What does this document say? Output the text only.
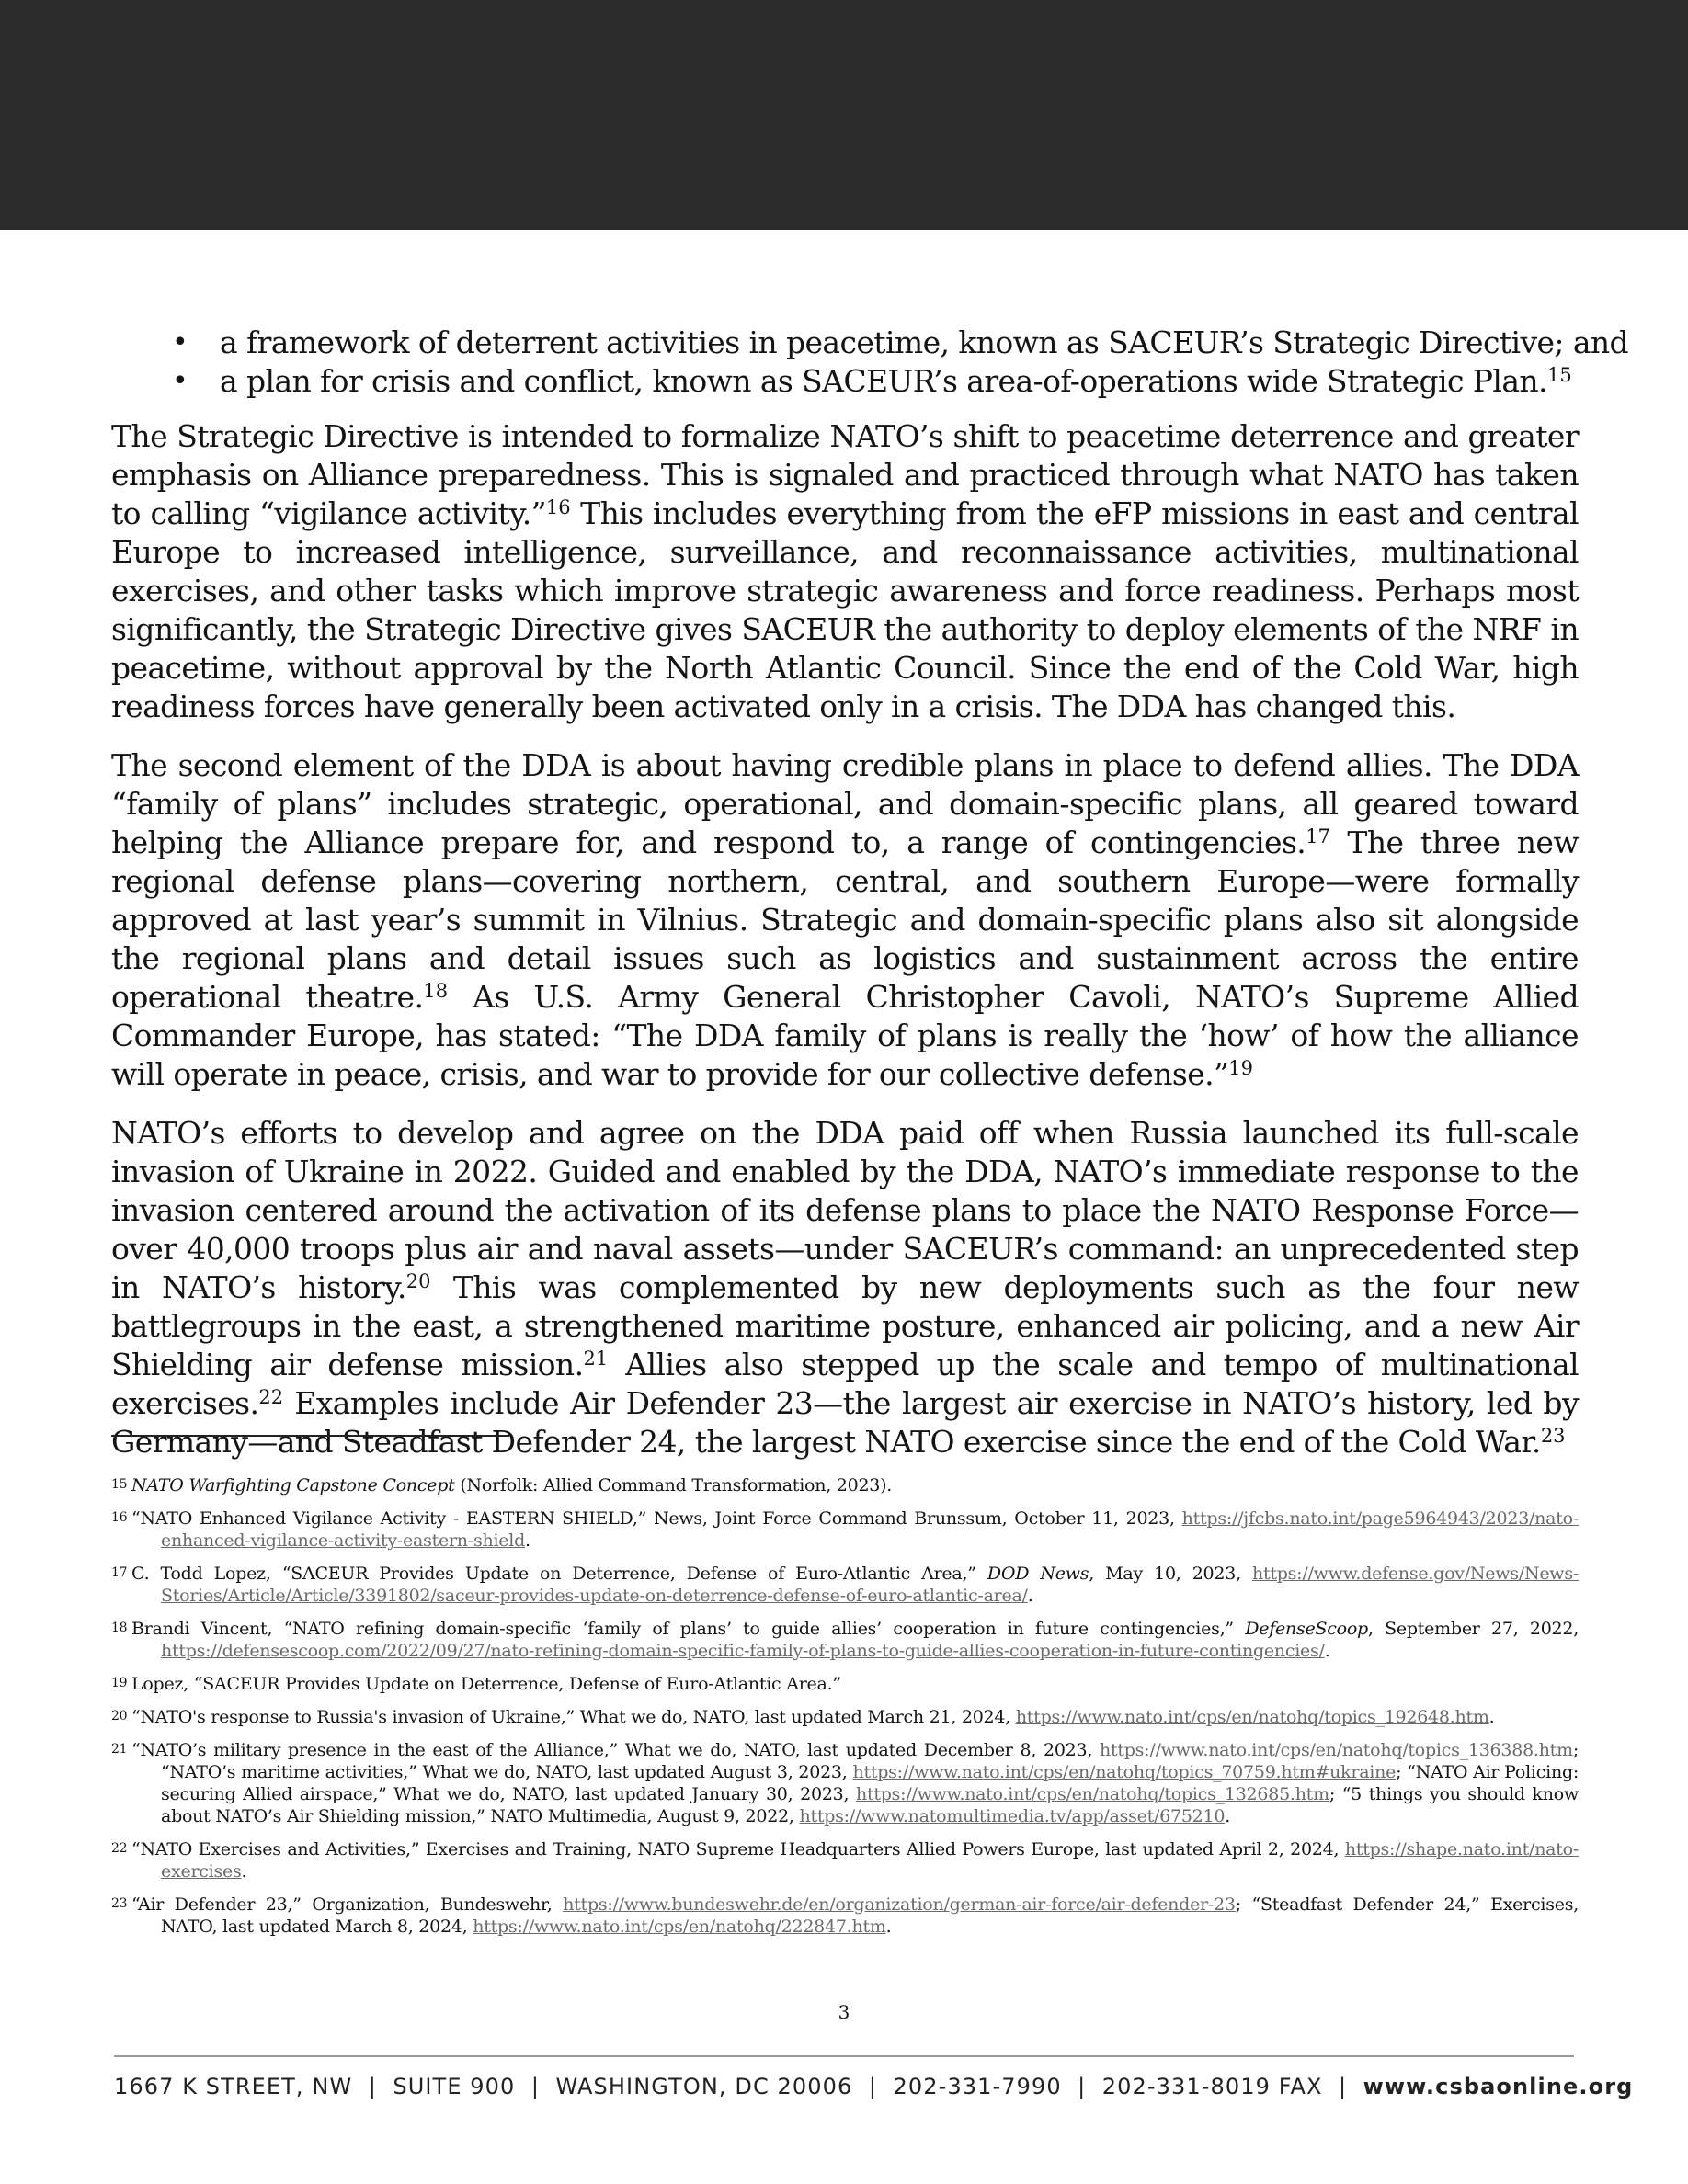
• a framework of deterrent activities in peacetime, known as SACEUR’s Strategic Directive; and
• a plan for crisis and conflict, known as SACEUR’s area-of-operations wide Strategic Plan.$^{15}$

The Strategic Directive is intended to formalize NATO’s shift to peacetime deterrence and greater emphasis on Alliance preparedness. This is signaled and practiced through what NATO has taken to calling “vigilance activity.”$^{16}$ This includes everything from the eFP missions in east and central Europe to increased intelligence, surveillance, and reconnaissance activities, multinational exercises, and other tasks which improve strategic awareness and force readiness. Perhaps most significantly, the Strategic Directive gives SACEUR the authority to deploy elements of the NRF in peacetime, without approval by the North Atlantic Council. Since the end of the Cold War, high readiness forces have generally been activated only in a crisis. The DDA has changed this.

The second element of the DDA is about having credible plans in place to defend allies. The DDA “family of plans” includes strategic, operational, and domain-specific plans, all geared toward helping the Alliance prepare for, and respond to, a range of contingencies.$^{17}$ The three new regional defense plans—covering northern, central, and southern Europe—were formally approved at last year’s summit in Vilnius. Strategic and domain-specific plans also sit alongside the regional plans and detail issues such as logistics and sustainment across the entire operational theatre.$^{18}$ As U.S. Army General Christopher Cavoli, NATO’s Supreme Allied Commander Europe, has stated: “The DDA family of plans is really the ‘how’ of how the alliance will operate in peace, crisis, and war to provide for our collective defense.”$^{19}$

NATO’s efforts to develop and agree on the DDA paid off when Russia launched its full-scale invasion of Ukraine in 2022. Guided and enabled by the DDA, NATO’s immediate response to the invasion centered around the activation of its defense plans to place the NATO Response Force—over 40,000 troops plus air and naval assets—under SACEUR’s command: an unprecedented step in NATO’s history.$^{20}$ This was complemented by new deployments such as the four new battlegroups in the east, a strengthened maritime posture, enhanced air policing, and a new Air Shielding air defense mission.$^{21}$ Allies also stepped up the scale and tempo of multinational exercises.$^{22}$ Examples include Air Defender 23—the largest air exercise in NATO’s history, led by Germany—and Steadfast Defender 24, the largest NATO exercise since the end of the Cold War.$^{23}$

15 NATO Warfighting Capstone Concept (Norfolk: Allied Command Transformation, 2023).

16 “NATO Enhanced Vigilance Activity - EASTERN SHIELD,” News, Joint Force Command Brunssum, October 11, 2023, https://jfcbs.nato.int/page5964943/2023/nato-enhanced-vigilance-activity-eastern-shield.

17 C. Todd Lopez, “SACEUR Provides Update on Deterrence, Defense of Euro-Atlantic Area,” DOD News, May 10, 2023, https://www.defense.gov/News/News-Stories/Article/Article/3391802/saceur-provides-update-on-deterrence-defense-of-euro-atlantic-area/.

18 Brandi Vincent, “NATO refining domain-specific ‘family of plans’ to guide allies’ cooperation in future contingencies,” DefenseScoop, September 27, 2022, https://defensescoop.com/2022/09/27/nato-refining-domain-specific-family-of-plans-to-guide-allies-cooperation-in-future-contingencies/.

19 Lopez, “SACEUR Provides Update on Deterrence, Defense of Euro-Atlantic Area.”

20 “NATO's response to Russia's invasion of Ukraine,” What we do, NATO, last updated March 21, 2024, https://www.nato.int/cps/en/natohq/topics_192648.htm.

21 “NATO’s military presence in the east of the Alliance,” What we do, NATO, last updated December 8, 2023, https://www.nato.int/cps/en/natohq/topics_136388.htm; “NATO’s maritime activities,” What we do, NATO, last updated August 3, 2023, https://www.nato.int/cps/en/natohq/topics_70759.htm#ukraine; “NATO Air Policing: securing Allied airspace,” What we do, NATO, last updated January 30, 2023, https://www.nato.int/cps/en/natohq/topics_132685.htm; “5 things you should know about NATO’s Air Shielding mission,” NATO Multimedia, August 9, 2022, https://www.natomultimedia.tv/app/asset/675210.

22 “NATO Exercises and Activities,” Exercises and Training, NATO Supreme Headquarters Allied Powers Europe, last updated April 2, 2024, https://shape.nato.int/nato-exercises.

23 “Air Defender 23,” Organization, Bundeswehr, https://www.bundeswehr.de/en/organization/german-air-force/air-defender-23; “Steadfast Defender 24,” Exercises, NATO, last updated March 8, 2024, https://www.nato.int/cps/en/natohq/222847.htm.

3
1667 K STREET, NW  |  SUITE 900  |  WASHINGTON, DC 20006  |  202-331-7990  |  202-331-8019 FAX  |  www.csbaonline.org
